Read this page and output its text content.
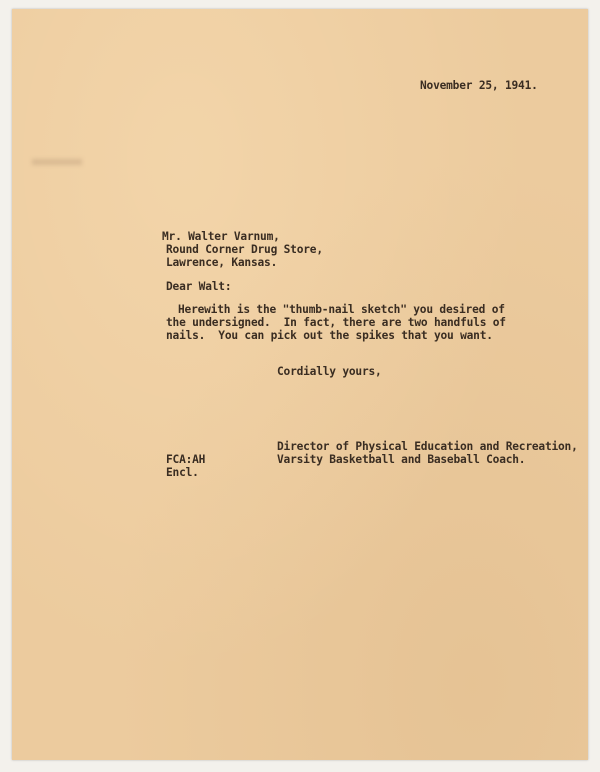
November 25, 1941.
Mr. Walter Varnum,
Round Corner Drug Store,
Lawrence, Kansas.
Dear Walt:
Herewith is the "thumb-nail sketch" you desired of
the undersigned.  In fact, there are two handfuls of
nails.  You can pick out the spikes that you want.
Cordially yours,
Director of Physical Education and Recreation,
Varsity Basketball and Baseball Coach.
FCA:AH
Encl.
